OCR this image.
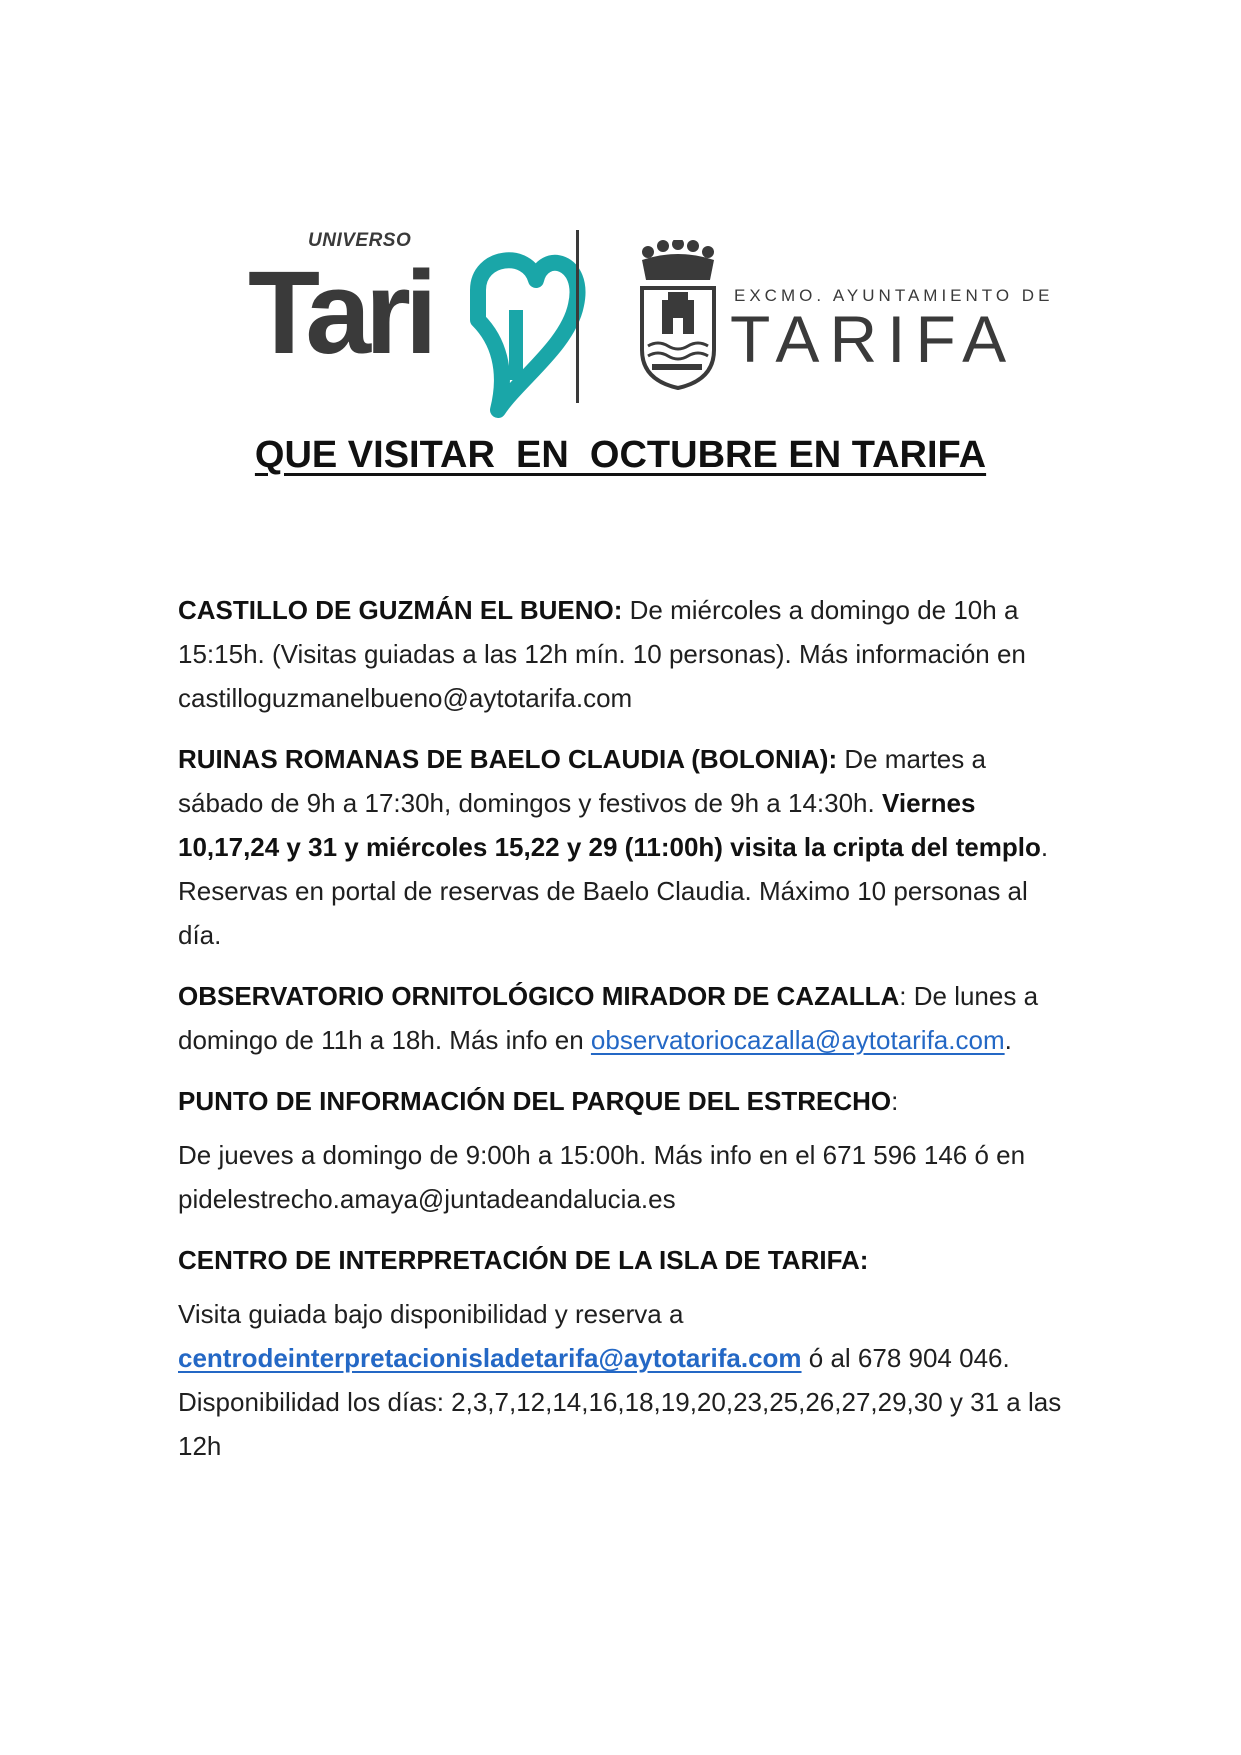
UNIVERSO
Tari	EXCMO. AYUNTAMIENTO DE
TARIFA
QUE VISITAR  EN  OCTUBRE EN TARIFA

CASTILLO DE GUZMÁN EL BUENO: De miércoles a domingo de 10h a 15:15h. (Visitas guiadas a las 12h mín. 10 personas). Más información en castilloguzmanelbueno@aytotarifa.com

RUINAS ROMANAS DE BAELO CLAUDIA (BOLONIA): De martes a sábado de 9h a 17:30h, domingos y festivos de 9h a 14:30h. Viernes 10,17,24 y 31 y miércoles 15,22 y 29 (11:00h) visita la cripta del templo. Reservas en portal de reservas de Baelo Claudia. Máximo 10 personas al día.

OBSERVATORIO ORNITOLÓGICO MIRADOR DE CAZALLA: De lunes a domingo de 11h a 18h. Más info en observatoriocazalla@aytotarifa.com.

PUNTO DE INFORMACIÓN DEL PARQUE DEL ESTRECHO:

De jueves a domingo de 9:00h a 15:00h. Más info en el 671 596 146 ó en pidelestrecho.amaya@juntadeandalucia.es

CENTRO DE INTERPRETACIÓN DE LA ISLA DE TARIFA:

Visita guiada bajo disponibilidad y reserva a centrodeinterpretacionisladetarifa@aytotarifa.com ó al 678 904 046. Disponibilidad los días: 2,3,7,12,14,16,18,19,20,23,25,26,27,29,30 y 31 a las 12h
